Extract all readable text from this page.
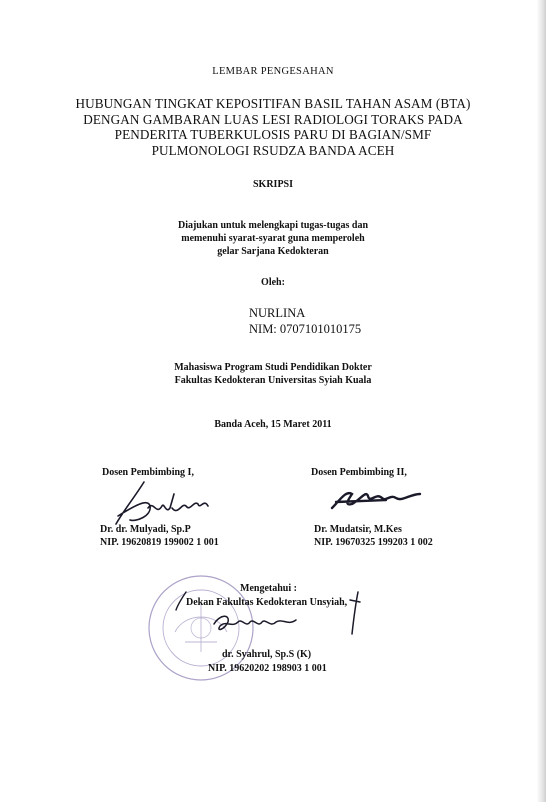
LEMBAR PENGESAHAN
HUBUNGAN TINGKAT KEPOSITIFAN BASIL TAHAN ASAM (BTA)
DENGAN GAMBARAN LUAS LESI RADIOLOGI TORAKS PADA
PENDERITA TUBERKULOSIS PARU DI BAGIAN/SMF
PULMONOLOGI RSUDZA BANDA ACEH
SKRIPSI
Diajukan untuk melengkapi tugas-tugas dan
memenuhi syarat-syarat guna memperoleh
gelar Sarjana Kedokteran
Oleh:
NURLINA
NIM: 0707101010175
Mahasiswa Program Studi Pendidikan Dokter
Fakultas Kedokteran Universitas Syiah Kuala
Banda Aceh, 15 Maret 2011
Dosen Pembimbing I,
Dr. dr. Mulyadi, Sp.P
NIP. 19620819 199002 1 001
Dosen Pembimbing II,
Dr. Mudatsir, M.Kes
NIP. 19670325 199203 1 002
Mengetahui :
Dekan Fakultas Kedokteran Unsyiah,
dr. Syahrul, Sp.S (K)
NIP. 19620202 198903 1 001
